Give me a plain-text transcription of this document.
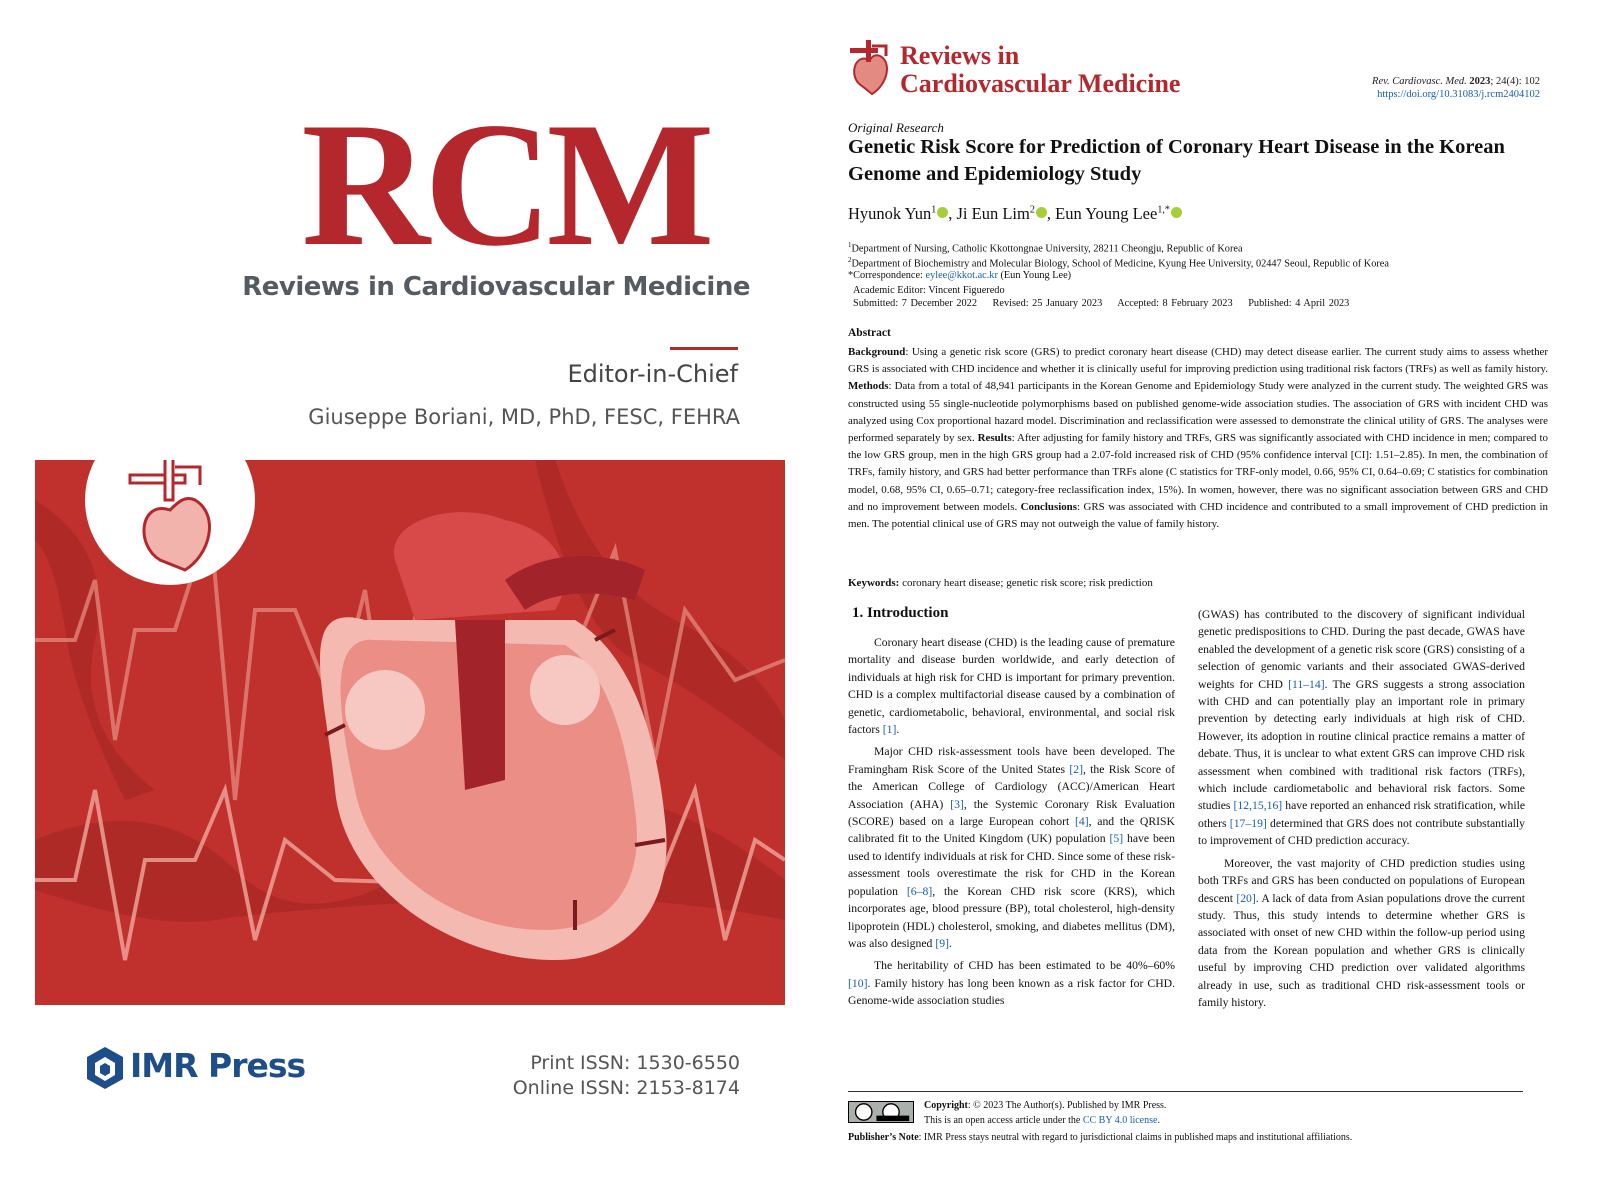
RCM
Reviews in Cardiovascular Medicine
Editor-in-Chief
Giuseppe Boriani, MD, PhD, FESC, FEHRA
IMR Press	Print ISSN: 1530-6550
Online ISSN: 2153-8174
Reviews in
Cardiovascular Medicine	Rev. Cardiovasc. Med. 2023; 24(4): 102
https://doi.org/10.31083/j.rcm2404102
Original Research
Genetic Risk Score for Prediction of Coronary Heart Disease in the Korean Genome and Epidemiology Study
Hyunok Yun$^1$ , Ji Eun Lim$^2$ , Eun Young Lee$^{1,*}$
$^1$Department of Nursing, Catholic Kkottongnae University, 28211 Cheongju, Republic of Korea
$^2$Department of Biochemistry and Molecular Biology, School of Medicine, Kyung Hee University, 02447 Seoul, Republic of Korea
*Correspondence: eylee@kkot.ac.kr (Eun Young Lee)
Academic Editor: Vincent Figueredo
Submitted: 7 December 2022 Revised: 25 January 2023 Accepted: 8 February 2023 Published: 4 April 2023
Abstract
Background: Using a genetic risk score (GRS) to predict coronary heart disease (CHD) may detect disease earlier. The current study aims to assess whether GRS is associated with CHD incidence and whether it is clinically useful for improving prediction using traditional risk factors (TRFs) as well as family history. Methods: Data from a total of 48,941 participants in the Korean Genome and Epidemiology Study were analyzed in the current study. The weighted GRS was constructed using 55 single-nucleotide polymorphisms based on published genome-wide association studies. The association of GRS with incident CHD was analyzed using Cox proportional hazard model. Discrimination and reclassification were assessed to demonstrate the clinical utility of GRS. The analyses were performed separately by sex. Results: After adjusting for family history and TRFs, GRS was significantly associated with CHD incidence in men; compared to the low GRS group, men in the high GRS group had a 2.07-fold increased risk of CHD (95% confidence interval [CI]: 1.51–2.85). In men, the combination of TRFs, family history, and GRS had better performance than TRFs alone (C statistics for TRF-only model, 0.66, 95% CI, 0.64–0.69; C statistics for combination model, 0.68, 95% CI, 0.65–0.71; category-free reclassification index, 15%). In women, however, there was no significant association between GRS and CHD and no improvement between models. Conclusions: GRS was associated with CHD incidence and contributed to a small improvement of CHD prediction in men. The potential clinical use of GRS may not outweigh the value of family history.
Keywords: coronary heart disease; genetic risk score; risk prediction
1. Introduction

Coronary heart disease (CHD) is the leading cause of premature mortality and disease burden worldwide, and early detection of individuals at high risk for CHD is important for primary prevention. CHD is a complex multifactorial disease caused by a combination of genetic, cardiometabolic, behavioral, environmental, and social risk factors [1].

Major CHD risk-assessment tools have been developed. The Framingham Risk Score of the United States [2], the Risk Score of the American College of Cardiology (ACC)/American Heart Association (AHA) [3], the Systemic Coronary Risk Evaluation (SCORE) based on a large European cohort [4], and the QRISK calibrated fit to the United Kingdom (UK) population [5] have been used to identify individuals at risk for CHD. Since some of these risk-assessment tools overestimate the risk for CHD in the Korean population [6–8], the Korean CHD risk score (KRS), which incorporates age, blood pressure (BP), total cholesterol, high-density lipoprotein (HDL) cholesterol, smoking, and diabetes mellitus (DM), was also designed [9].

The heritability of CHD has been estimated to be 40%–60% [10]. Family history has long been known as a risk factor for CHD. Genome-wide association studies

(GWAS) has contributed to the discovery of significant individual genetic predispositions to CHD. During the past decade, GWAS have enabled the development of a genetic risk score (GRS) consisting of a selection of genomic variants and their associated GWAS-derived weights for CHD [11–14]. The GRS suggests a strong association with CHD and can potentially play an important role in primary prevention by detecting early individuals at high risk of CHD. However, its adoption in routine clinical practice remains a matter of debate. Thus, it is unclear to what extent GRS can improve CHD risk assessment when combined with traditional risk factors (TRFs), which include cardiometabolic and behavioral risk factors. Some studies [12,15,16] have reported an enhanced risk stratification, while others [17–19] determined that GRS does not contribute substantially to improvement of CHD prediction accuracy.

Moreover, the vast majority of CHD prediction studies using both TRFs and GRS has been conducted on populations of European descent [20]. A lack of data from Asian populations drove the current study. Thus, this study intends to determine whether GRS is associated with onset of new CHD within the follow-up period using data from the Korean population and whether GRS is clinically useful by improving CHD prediction over validated algorithms already in use, such as traditional CHD risk-assessment tools or family history.

Copyright: © 2023 The Author(s). Published by IMR Press.
This is an open access article under the CC BY 4.0 license.
Publisher’s Note: IMR Press stays neutral with regard to jurisdictional claims in published maps and institutional affiliations.
